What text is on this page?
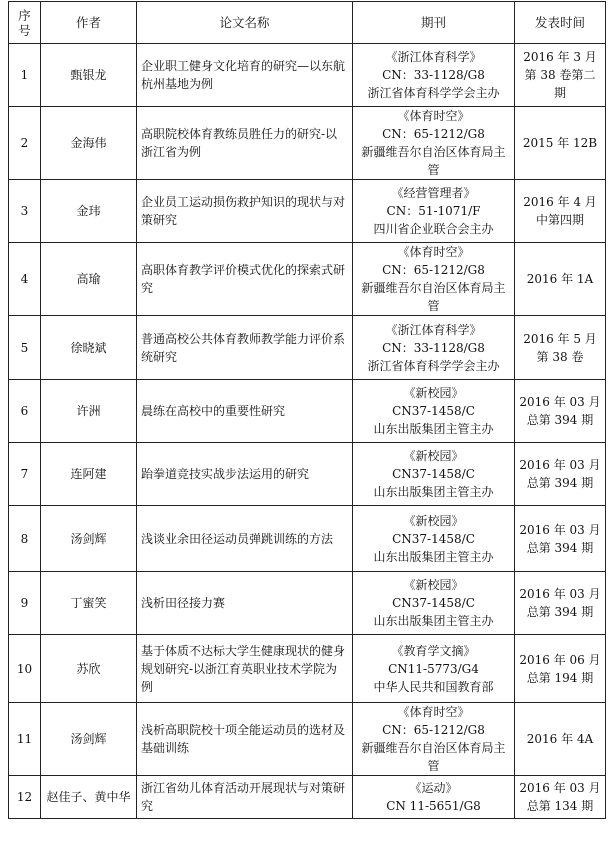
序号	作者	论文名称	期刊	发表时间
1	甄银龙	企业职工健身文化培育的研究—以东航杭州基地为例	《浙江体育科学》
CN：33-1128/G8
浙江省体育科学学会主办	2016 年 3 月第 38 卷第二期
2	金海伟	高职院校体育教练员胜任力的研究-以浙江省为例	《体育时空》
CN：65-1212/G8
新疆维吾尔自治区体育局主管	2015 年 12B
3	金玮	企业员工运动损伤救护知识的现状与对策研究	《经营管理者》
CN：51-1071/F
四川省企业联合会主办	2016 年 4 月中第四期
4	高瑜	高职体育教学评价模式优化的探索式研究	《体育时空》
CN：65-1212/G8
新疆维吾尔自治区体育局主管	2016 年 1A
5	徐晓斌	普通高校公共体育教师教学能力评价系统研究	《浙江体育科学》
CN：33-1128/G8
浙江省体育科学学会主办	2016 年 5 月第 38 卷
6	许洲	晨练在高校中的重要性研究	《新校园》
CN37-1458/C
山东出版集团主管主办	2016 年 03 月总第 394 期
7	连阿建	跆拳道竞技实战步法运用的研究	《新校园》
CN37-1458/C
山东出版集团主管主办	2016 年 03 月总第 394 期
8	汤剑辉	浅谈业余田径运动员弹跳训练的方法	《新校园》
CN37-1458/C
山东出版集团主管主办	2016 年 03 月总第 394 期
9	丁蜜笑	浅析田径接力赛	《新校园》
CN37-1458/C
山东出版集团主管主办	2016 年 03 月总第 394 期
10	苏欣	基于体质不达标大学生健康现状的健身规划研究-以浙江育英职业技术学院为例	《教育学文摘》
CN11-5773/G4
中华人民共和国教育部	2016 年 06 月总第 194 期
11	汤剑辉	浅析高职院校十项全能运动员的选材及基础训练	《体育时空》
CN：65-1212/G8
新疆维吾尔自治区体育局主管	2016 年 4A
12	赵佳子、黄中华	浙江省幼儿体育活动开展现状与对策研究	《运动》
CN 11-5651/G8	2016 年 03 月总第 134 期
